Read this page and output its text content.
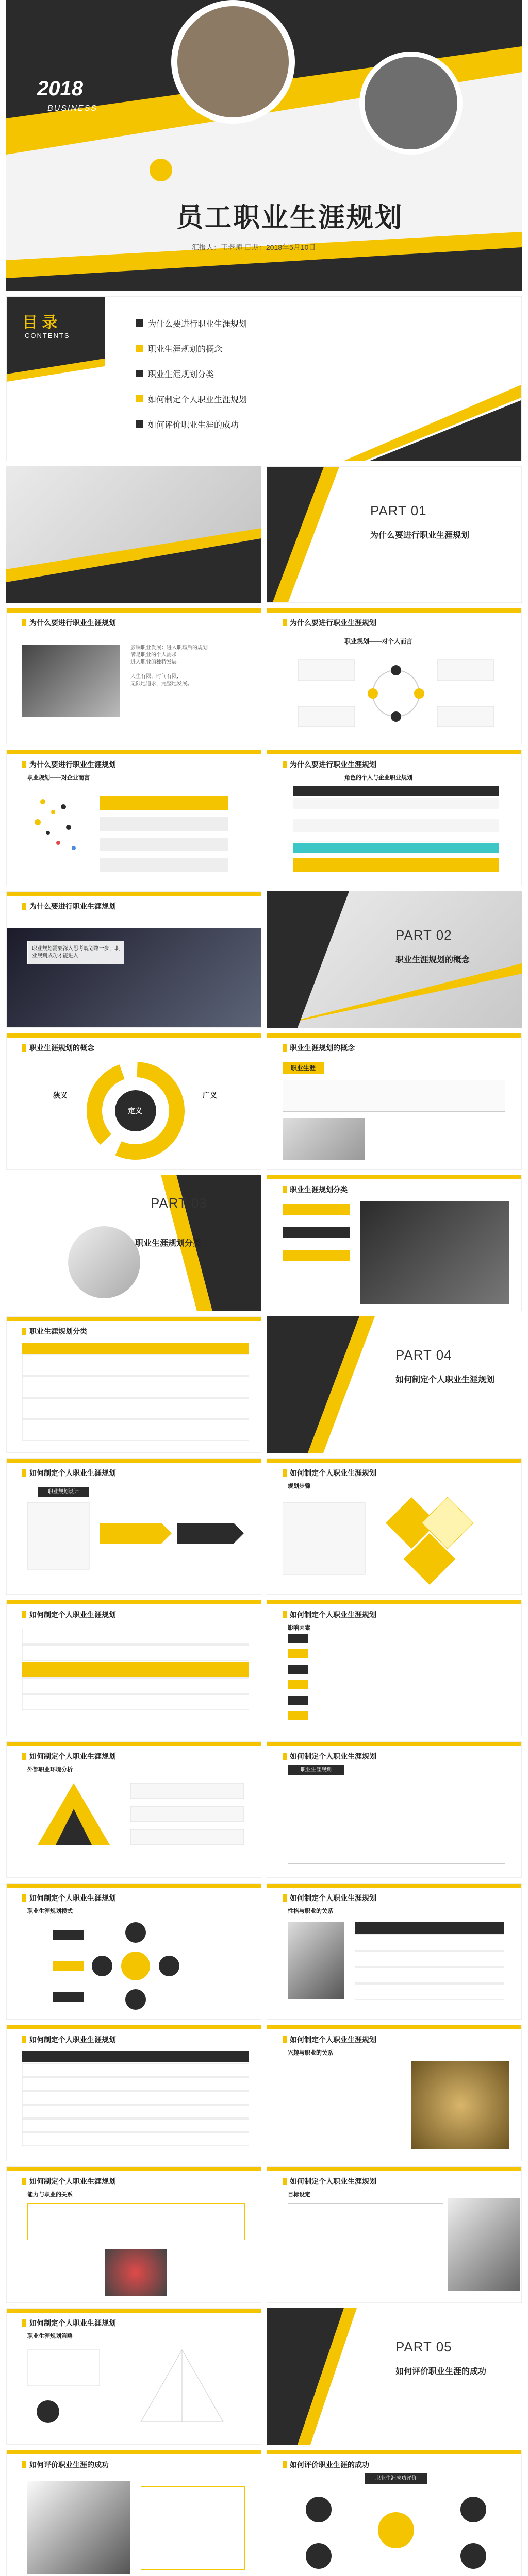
2018
BUSINESS
员工职业生涯规划
汇报人：王老师 日期：2018年5月10日
目 录
CONTENTS
为什么要进行职业生涯规划
职业生涯规划的概念
职业生涯规划分类
如何制定个人职业生涯规划
如何评价职业生涯的成功
PART 01
为什么要进行职业生涯规划
为什么要进行职业生涯规划
影响职业发展：进入职场后的规划
满足职业的个人需求
进入职业的独特发展

人生有限，时间有限，
无限地追求，完整地发展。
为什么要进行职业生涯规划
职业规划——对个人而言
为什么要进行职业生涯规划
职业规划——对企业而言
为什么要进行职业生涯规划
角色的个人与企业职业规划
为什么要进行职业生涯规划
职业规划需要深入思考规划路一步，职业规划成功才能进入
PART 02
职业生涯规划的概念
职业生涯规划的概念
狭义	广义
定义
职业生涯规划的概念
职业生涯
PART 03
职业生涯规划分类
职业生涯规划分类
职业生涯规划分类
PART 04
如何制定个人职业生涯规划
如何制定个人职业生涯规划
职业规划设计
如何制定个人职业生涯规划
规划步骤
如何制定个人职业生涯规划	如何制定个人职业生涯规划
影响因素
如何制定个人职业生涯规划
外部职业环境分析
如何制定个人职业生涯规划
职业生涯规划
如何制定个人职业生涯规划
职业生涯规划模式
如何制定个人职业生涯规划
性格与职业的关系
如何制定个人职业生涯规划	如何制定个人职业生涯规划
兴趣与职业的关系
如何制定个人职业生涯规划
能力与职业的关系
如何制定个人职业生涯规划
目标设定
如何制定个人职业生涯规划
职业生涯规划策略
PART 05
如何评价职业生涯的成功
如何评价职业生涯的成功	如何评价职业生涯的成功
职业生涯成功评价
